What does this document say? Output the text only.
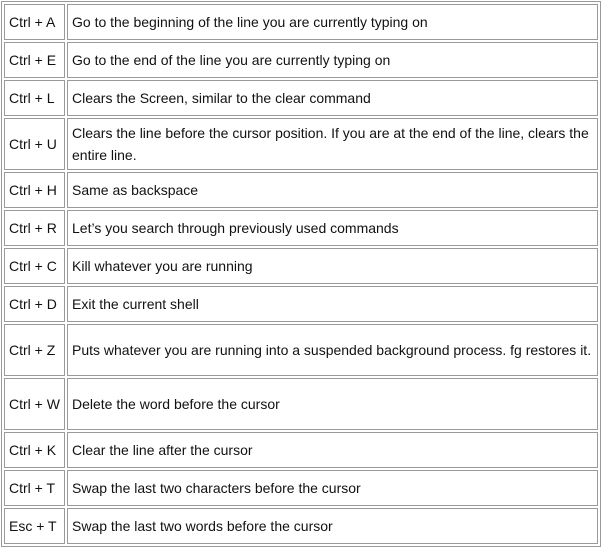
Ctrl + A	Go to the beginning of the line you are currently typing on
Ctrl + E	Go to the end of the line you are currently typing on
Ctrl + L	Clears the Screen, similar to the clear command
Ctrl + U	Clears the line before the cursor position. If you are at the end of the line, clears the entire line.
Ctrl + H	Same as backspace
Ctrl + R	Let’s you search through previously used commands
Ctrl + C	Kill whatever you are running
Ctrl + D	Exit the current shell
Ctrl + Z	Puts whatever you are running into a suspended background process. fg restores it.
Ctrl + W	Delete the word before the cursor
Ctrl + K	Clear the line after the cursor
Ctrl + T	Swap the last two characters before the cursor
Esc + T	Swap the last two words before the cursor
